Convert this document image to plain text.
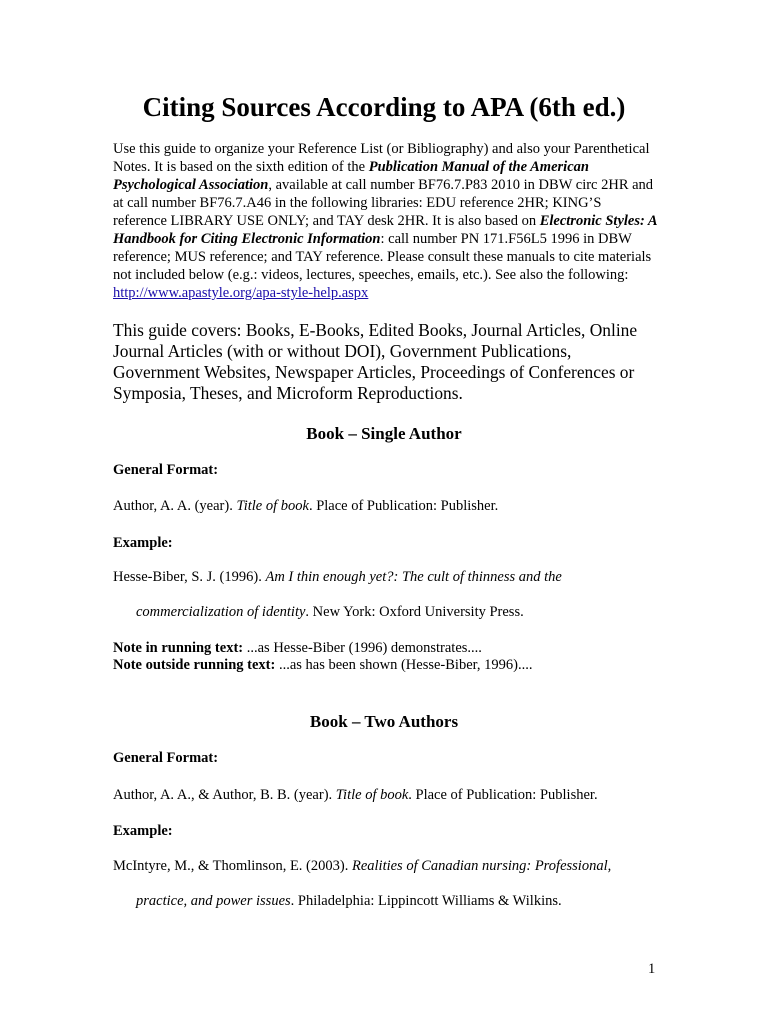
Citing Sources According to APA (6th ed.)

Use this guide to organize your Reference List (or Bibliography) and also your Parenthetical Notes. It is based on the sixth edition of the Publication Manual of the American Psychological Association, available at call number BF76.7.P83 2010 in DBW circ 2HR and at call number BF76.7.A46 in the following libraries: EDU reference 2HR; KING’S reference LIBRARY USE ONLY; and TAY desk 2HR. It is also based on Electronic Styles: A Handbook for Citing Electronic Information: call number PN 171.F56L5 1996 in DBW reference; MUS reference; and TAY reference. Please consult these manuals to cite materials not included below (e.g.: videos, lectures, speeches, emails, etc.). See also the following: http://www.apastyle.org/apa-style-help.aspx

This guide covers: Books, E-Books, Edited Books, Journal Articles, Online Journal Articles (with or without DOI), Government Publications, Government Websites, Newspaper Articles, Proceedings of Conferences or Symposia, Theses, and Microform Reproductions.
Book – Single Author
General Format:
Author, A. A. (year). Title of book. Place of Publication: Publisher.
Example:
Hesse-Biber, S. J. (1996). Am I thin enough yet?: The cult of thinness and the
commercialization of identity. New York: Oxford University Press.
Note in running text: ...as Hesse-Biber (1996) demonstrates....
Note outside running text: ...as has been shown (Hesse-Biber, 1996)....
Book – Two Authors
General Format:
Author, A. A., & Author, B. B. (year). Title of book. Place of Publication: Publisher.
Example:
McIntyre, M., & Thomlinson, E. (2003). Realities of Canadian nursing: Professional,
practice, and power issues. Philadelphia: Lippincott Williams & Wilkins.
1
